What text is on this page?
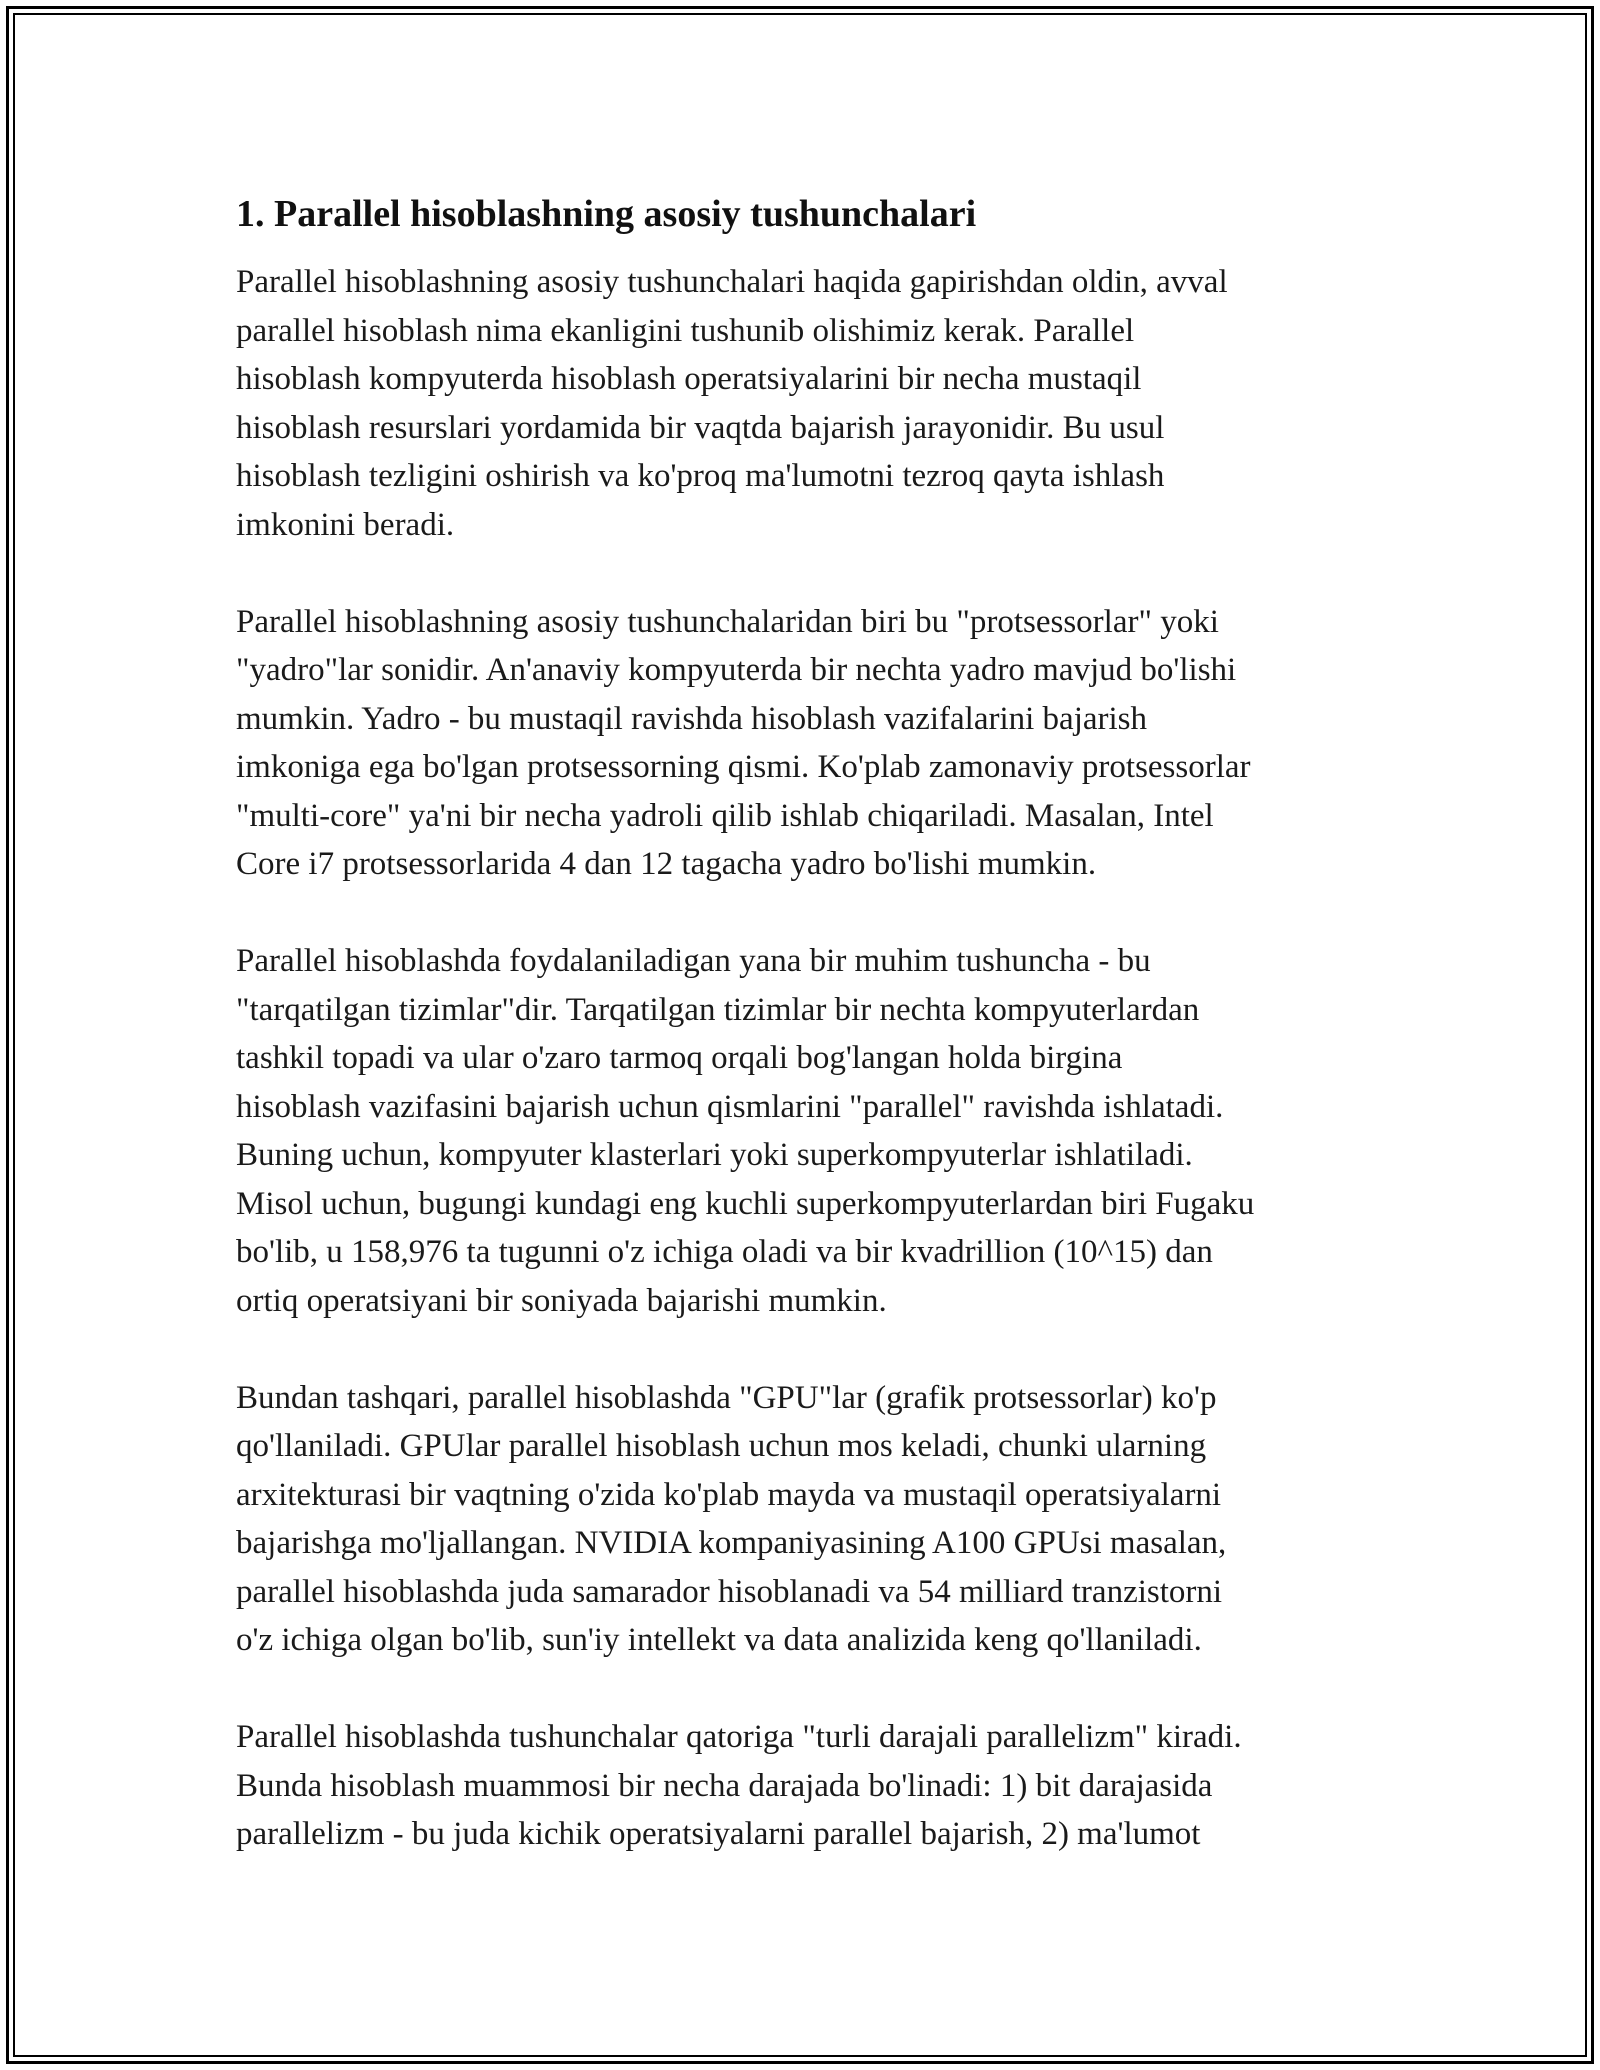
1. Parallel hisoblashning asosiy tushunchalari

Parallel hisoblashning asosiy tushunchalari haqida gapirishdan oldin, avval
parallel hisoblash nima ekanligini tushunib olishimiz kerak. Parallel
hisoblash kompyuterda hisoblash operatsiyalarini bir necha mustaqil
hisoblash resurslari yordamida bir vaqtda bajarish jarayonidir. Bu usul
hisoblash tezligini oshirish va ko'proq ma'lumotni tezroq qayta ishlash
imkonini beradi.

Parallel hisoblashning asosiy tushunchalaridan biri bu "protsessorlar" yoki
"yadro"lar sonidir. An'anaviy kompyuterda bir nechta yadro mavjud bo'lishi
mumkin. Yadro - bu mustaqil ravishda hisoblash vazifalarini bajarish
imkoniga ega bo'lgan protsessorning qismi. Ko'plab zamonaviy protsessorlar
"multi-core" ya'ni bir necha yadroli qilib ishlab chiqariladi. Masalan, Intel
Core i7 protsessorlarida 4 dan 12 tagacha yadro bo'lishi mumkin.

Parallel hisoblashda foydalaniladigan yana bir muhim tushuncha - bu
"tarqatilgan tizimlar"dir. Tarqatilgan tizimlar bir nechta kompyuterlardan
tashkil topadi va ular o'zaro tarmoq orqali bog'langan holda birgina
hisoblash vazifasini bajarish uchun qismlarini "parallel" ravishda ishlatadi.
Buning uchun, kompyuter klasterlari yoki superkompyuterlar ishlatiladi.
Misol uchun, bugungi kundagi eng kuchli superkompyuterlardan biri Fugaku
bo'lib, u 158,976 ta tugunni o'z ichiga oladi va bir kvadrillion (10^15) dan
ortiq operatsiyani bir soniyada bajarishi mumkin.

Bundan tashqari, parallel hisoblashda "GPU"lar (grafik protsessorlar) ko'p
qo'llaniladi. GPUlar parallel hisoblash uchun mos keladi, chunki ularning
arxitekturasi bir vaqtning o'zida ko'plab mayda va mustaqil operatsiyalarni
bajarishga mo'ljallangan. NVIDIA kompaniyasining A100 GPUsi masalan,
parallel hisoblashda juda samarador hisoblanadi va 54 milliard tranzistorni
o'z ichiga olgan bo'lib, sun'iy intellekt va data analizida keng qo'llaniladi.

Parallel hisoblashda tushunchalar qatoriga "turli darajali parallelizm" kiradi.
Bunda hisoblash muammosi bir necha darajada bo'linadi: 1) bit darajasida
parallelizm - bu juda kichik operatsiyalarni parallel bajarish, 2) ma'lumot
